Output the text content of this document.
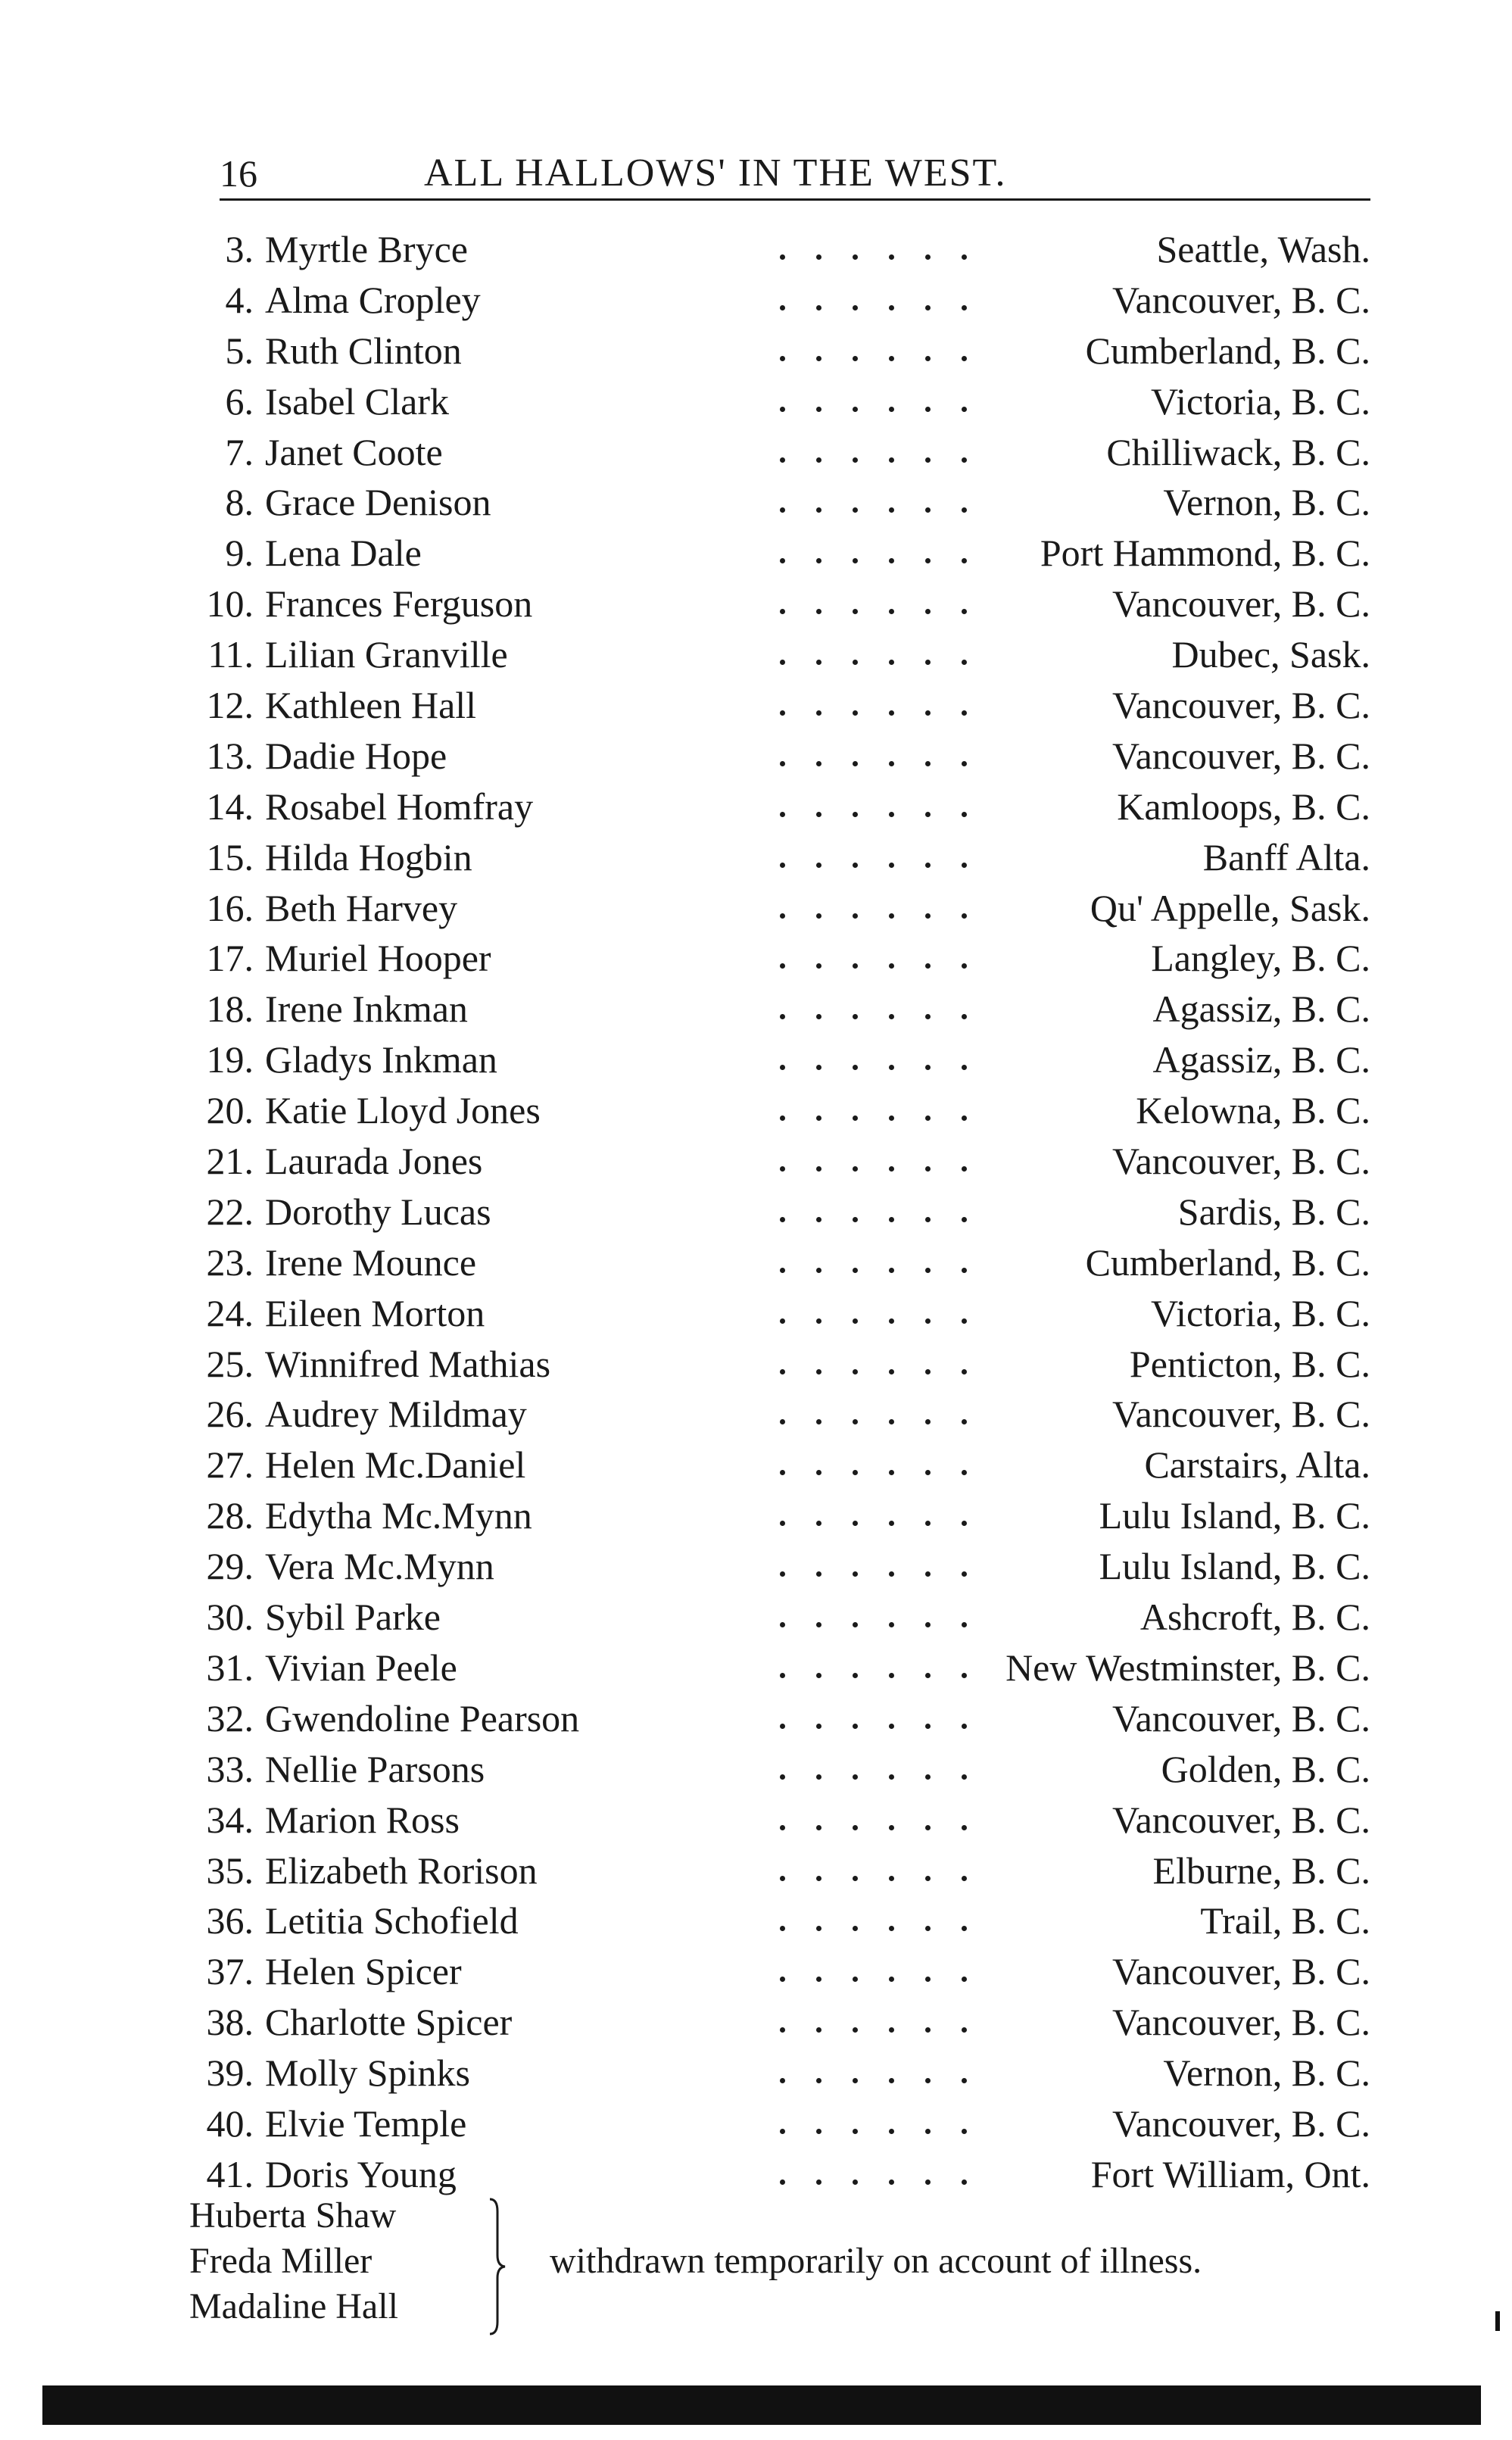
16	ALL HALLOWS' IN THE WEST.
3. Myrtle Bryce	Seattle, Wash.
4. Alma Cropley	Vancouver, B. C.
5. Ruth Clinton	Cumberland, B. C.
6. Isabel Clark	Victoria, B. C.
7. Janet Coote	Chilliwack, B. C.
8. Grace Denison	Vernon, B. C.
9. Lena Dale	Port Hammond, B. C.
10. Frances Ferguson	Vancouver, B. C.
11. Lilian Granville	Dubec, Sask.
12. Kathleen Hall	Vancouver, B. C.
13. Dadie Hope	Vancouver, B. C.
14. Rosabel Homfray	Kamloops, B. C.
15. Hilda Hogbin	Banff Alta.
16. Beth Harvey	Qu' Appelle, Sask.
17. Muriel Hooper	Langley, B. C.
18. Irene Inkman	Agassiz, B. C.
19. Gladys Inkman	Agassiz, B. C.
20. Katie Lloyd Jones	Kelowna, B. C.
21. Laurada Jones	Vancouver, B. C.
22. Dorothy Lucas	Sardis, B. C.
23. Irene Mounce	Cumberland, B. C.
24. Eileen Morton	Victoria, B. C.
25. Winnifred Mathias	Penticton, B. C.
26. Audrey Mildmay	Vancouver, B. C.
27. Helen Mc.Daniel	Carstairs, Alta.
28. Edytha Mc.Mynn	Lulu Island, B. C.
29. Vera Mc.Mynn	Lulu Island, B. C.
30. Sybil Parke	Ashcroft, B. C.
31. Vivian Peele	New Westminster, B. C.
32. Gwendoline Pearson	Vancouver, B. C.
33. Nellie Parsons	Golden, B. C.
34. Marion Ross	Vancouver, B. C.
35. Elizabeth Rorison	Elburne, B. C.
36. Letitia Schofield	Trail, B. C.
37. Helen Spicer	Vancouver, B. C.
38. Charlotte Spicer	Vancouver, B. C.
39. Molly Spinks	Vernon, B. C.
40. Elvie Temple	Vancouver, B. C.
41. Doris Young	Fort William, Ont.
Huberta Shaw
Freda Miller
Madaline Hall
withdrawn temporarily on account of illness.
